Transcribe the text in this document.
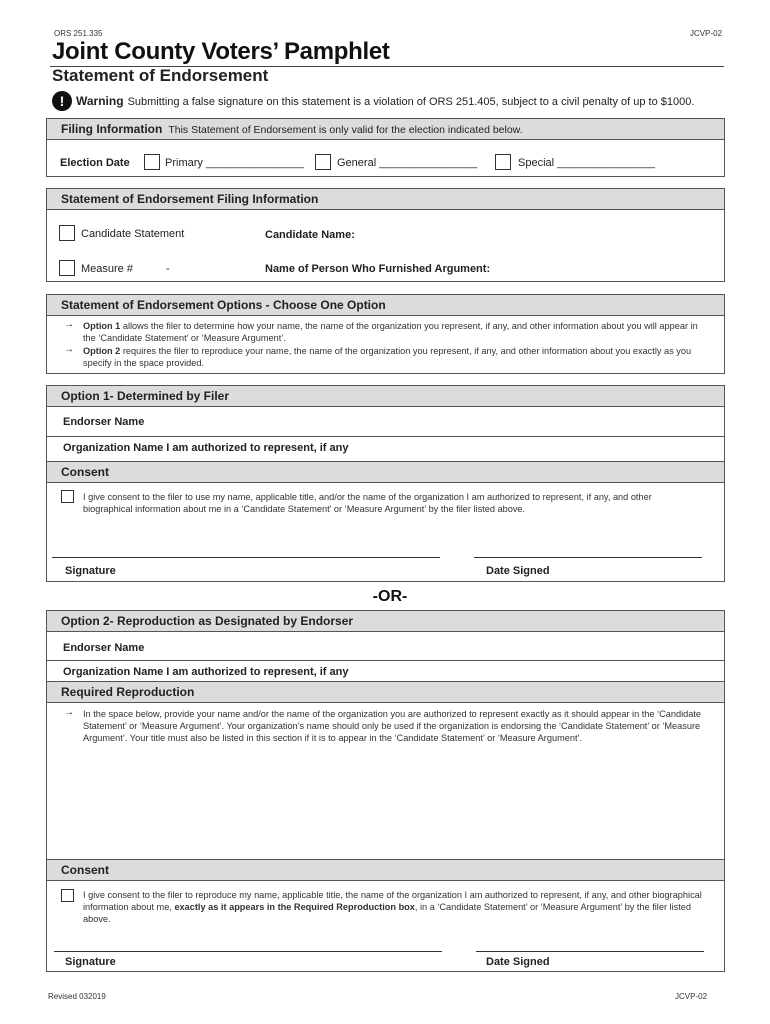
ORS 251.335	JCVP-02
Joint County Voters’ Pamphlet
Statement of Endorsement
! Warning Submitting a false signature on this statement is a violation of ORS 251.405, subject to a civil penalty of up to $1000.
Filing Information This Statement of Endorsement is only valid for the election indicated below.
Election Date	Primary ________________	General ________________	Special ________________
Statement of Endorsement Filing Information
Candidate Statement	Candidate Name:
Measure #	-	Name of Person Who Furnished Argument:
Statement of Endorsement Options - Choose One Option
→ Option 1 allows the filer to determine how your name, the name of the organization you represent, if any, and other information about you will appear in the ‘Candidate Statement’ or ‘Measure Argument’.
→ Option 2 requires the filer to reproduce your name, the name of the organization you represent, if any, and other information about you exactly as you specify in the space provided.
Option 1- Determined by Filer
Endorser Name
Organization Name I am authorized to represent, if any
Consent
I give consent to the filer to use my name, applicable title, and/or the name of the organization I am authorized to represent, if any, and other biographical information about me in a ‘Candidate Statement’ or ‘Measure Argument’ by the filer listed above.
Signature	Date Signed
-OR-
Option 2- Reproduction as Designated by Endorser
Endorser Name
Organization Name I am authorized to represent, if any
Required Reproduction
→ In the space below, provide your name and/or the name of the organization you are authorized to represent exactly as it should appear in the ‘Candidate Statement’ or ‘Measure Argument’. Your organization’s name should only be used if the organization is endorsing the ‘Candidate Statement’ or ‘Measure Argument’. Your title must also be listed in this section if it is to appear in the ‘Candidate Statement’ or ‘Measure Argument’.
Consent
I give consent to the filer to reproduce my name, applicable title, the name of the organization I am authorized to represent, if any, and other biographical information about me, exactly as it appears in the Required Reproduction box, in a ‘Candidate Statement’ or ‘Measure Argument’ by the filer listed above.
Signature	Date Signed
Revised 032019	JCVP-02
